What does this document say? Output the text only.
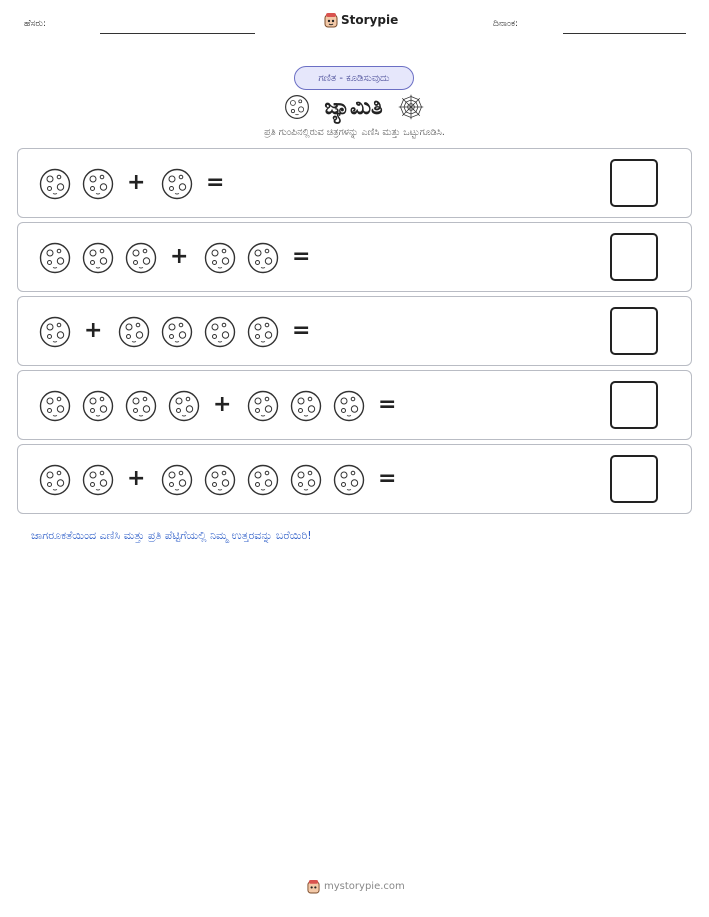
ಹೆಸರು:	Storypie	ದಿನಾಂಕ:
ಗಣಿತ - ಕೂಡಿಸುವುದು
ಜ್ಯಾಮಿತಿ
ಪ್ರತಿ ಗುಂಪಿನಲ್ಲಿರುವ ಚಿತ್ರಗಳನ್ನು ಎಣಿಸಿ ಮತ್ತು ಒಟ್ಟುಗೂಡಿಸಿ.
+	=
+	=
+	=
+	=
+	=
ಜಾಗರೂಕತೆಯಿಂದ ಎಣಿಸಿ ಮತ್ತು ಪ್ರತಿ ಪೆಟ್ಟಿಗೆಯಲ್ಲಿ ನಿಮ್ಮ ಉತ್ತರವನ್ನು ಬರೆಯಿರಿ!
mystorypie.com
